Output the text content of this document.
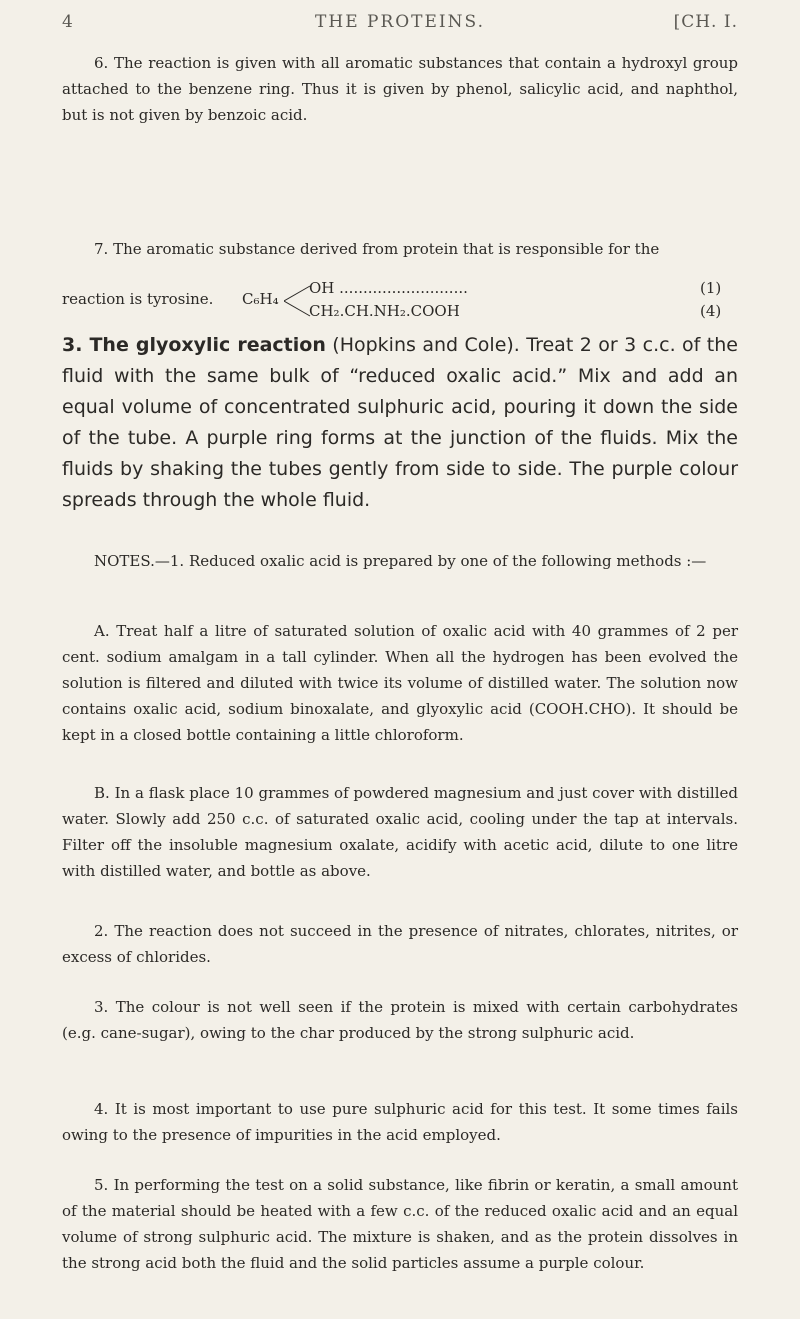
4	THE PROTEINS.	[CH. I.

6. The reaction is given with all aromatic substances that contain a hydroxyl group attached to the benzene ring. Thus it is given by phenol, salicylic acid, and naphthol, but is not given by benzoic acid.

7. The aromatic substance derived from protein that is responsible for the

reaction is tyrosine. C₆H₄
OH ...........................
CH₂.CH.NH₂.COOH
(1)
(4)
3. The glyoxylic reaction (Hopkins and Cole). Treat 2 or 3 c.c. of the fluid with the same bulk of “reduced oxalic acid.” Mix and add an equal volume of concentrated sulphuric acid, pouring it down the side of the tube. A purple ring forms at the junction of the fluids. Mix the fluids by shaking the tubes gently from side to side. The purple colour spreads through the whole fluid.

NOTES.—1. Reduced oxalic acid is prepared by one of the following methods :—

A. Treat half a litre of saturated solution of oxalic acid with 40 grammes of 2 per cent. sodium amalgam in a tall cylinder. When all the hydrogen has been evolved the solution is filtered and diluted with twice its volume of distilled water. The solution now contains oxalic acid, sodium binoxalate, and glyoxylic acid (COOH.CHO). It should be kept in a closed bottle containing a little chloroform.

B. In a flask place 10 grammes of powdered magnesium and just cover with distilled water. Slowly add 250 c.c. of saturated oxalic acid, cooling under the tap at intervals. Filter off the insoluble magnesium oxalate, acidify with acetic acid, dilute to one litre with distilled water, and bottle as above.

2. The reaction does not succeed in the presence of nitrates, chlorates, nitrites, or excess of chlorides.

3. The colour is not well seen if the protein is mixed with certain carbohydrates (e.g. cane-sugar), owing to the char produced by the strong sulphuric acid.

4. It is most important to use pure sulphuric acid for this test. It some times fails owing to the presence of impurities in the acid employed.

5. In performing the test on a solid substance, like fibrin or keratin, a small amount of the material should be heated with a few c.c. of the reduced oxalic acid and an equal volume of strong sulphuric acid. The mixture is shaken, and as the protein dissolves in the strong acid both the fluid and the solid particles assume a purple colour.
